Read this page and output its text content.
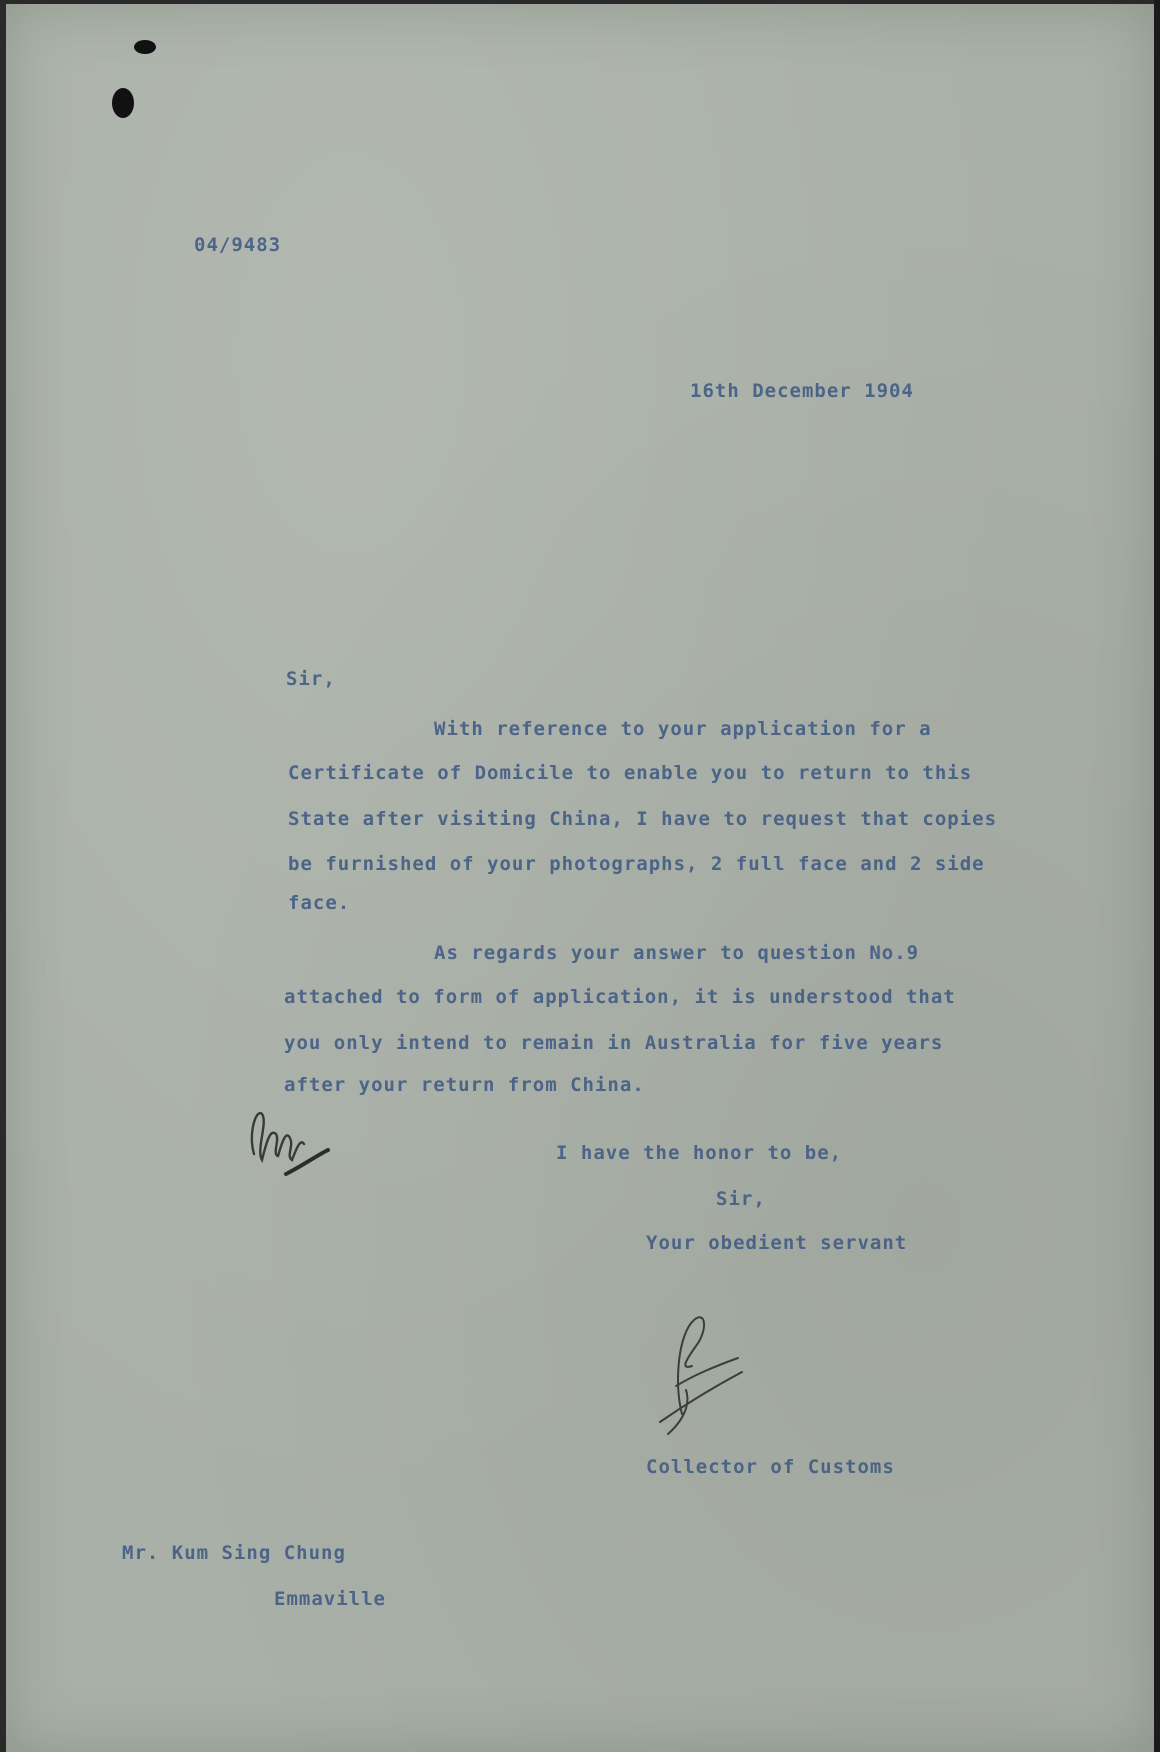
04/9483
16th December 1904
Sir,
With reference to your application for a
Certificate of Domicile to enable you to return to this
State after visiting China, I have to request that copies
be furnished of your photographs, 2 full face and 2 side
face.
As regards your answer to question No.9
attached to form of application, it is understood that
you only intend to remain in Australia for five years
after your return from China.
I have the honor to be,
Sir,
Your obedient servant
Collector of Customs
Mr. Kum Sing Chung
Emmaville
